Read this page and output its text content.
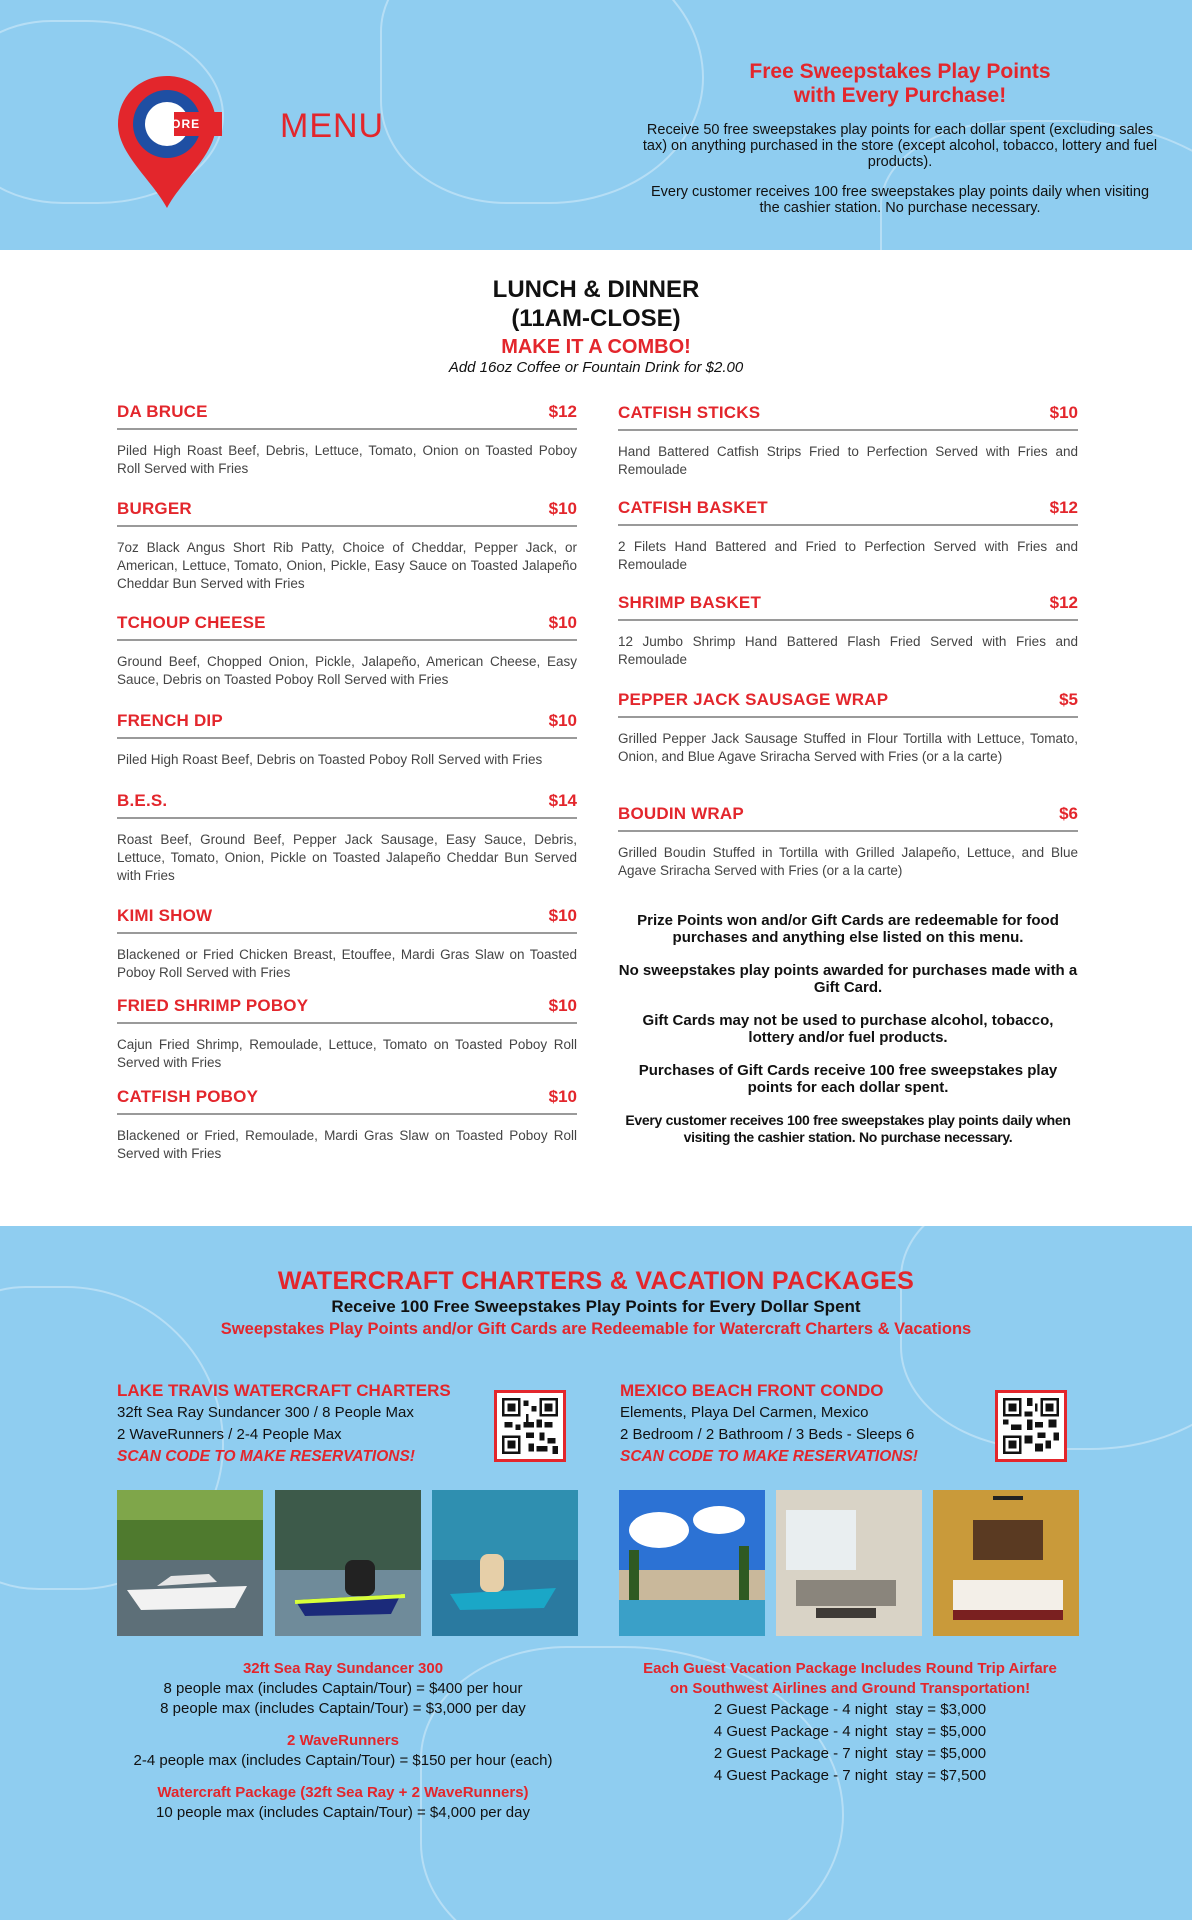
STORE MENU
Free Sweepstakes Play Points
with Every Purchase!
Receive 50 free sweepstakes play points for each dollar spent (excluding sales tax) on anything purchased in the store (except alcohol, tobacco, lottery and fuel products).
Every customer receives 100 free sweepstakes play points daily when visiting the cashier station. No purchase necessary.
LUNCH & DINNER
(11AM-CLOSE)
MAKE IT A COMBO!
Add 16oz Coffee or Fountain Drink for $2.00
DA BRUCE	$12
Piled High Roast Beef, Debris, Lettuce, Tomato, Onion on Toasted Poboy Roll Served with Fries
BURGER	$10
7oz Black Angus Short Rib Patty, Choice of Cheddar, Pepper Jack, or American, Lettuce, Tomato, Onion, Pickle, Easy Sauce on Toasted Jalapeño Cheddar Bun Served with Fries
TCHOUP CHEESE	$10
Ground Beef, Chopped Onion, Pickle, Jalapeño, American Cheese, Easy Sauce, Debris on Toasted Poboy Roll Served with Fries
FRENCH DIP	$10
Piled High Roast Beef, Debris on Toasted Poboy Roll Served with Fries
B.E.S.	$14
Roast Beef, Ground Beef, Pepper Jack Sausage, Easy Sauce, Debris, Lettuce, Tomato, Onion, Pickle on Toasted Jalapeño Cheddar Bun Served with Fries
KIMI SHOW	$10
Blackened or Fried Chicken Breast, Etouffee, Mardi Gras Slaw on Toasted Poboy Roll Served with Fries
FRIED SHRIMP POBOY	$10
Cajun Fried Shrimp, Remoulade, Lettuce, Tomato on Toasted Poboy Roll Served with Fries
CATFISH POBOY	$10
Blackened or Fried, Remoulade, Mardi Gras Slaw on Toasted Poboy Roll Served with Fries
CATFISH STICKS	$10
Hand Battered Catfish Strips Fried to Perfection Served with Fries and Remoulade
CATFISH BASKET	$12
2 Filets Hand Battered and Fried to Perfection Served with Fries and Remoulade
SHRIMP BASKET	$12
12 Jumbo Shrimp Hand Battered Flash Fried Served with Fries and Remoulade
PEPPER JACK SAUSAGE WRAP	$5
Grilled Pepper Jack Sausage Stuffed in Flour Tortilla with Lettuce, Tomato, Onion, and Blue Agave Sriracha Served with Fries (or a la carte)
BOUDIN WRAP	$6
Grilled Boudin Stuffed in Tortilla with Grilled Jalapeño, Lettuce, and Blue Agave Sriracha Served with Fries (or a la carte)

Prize Points won and/or Gift Cards are redeemable for food purchases and anything else listed on this menu.

No sweepstakes play points awarded for purchases made with a Gift Card.

Gift Cards may not be used to purchase alcohol, tobacco, lottery and/or fuel products.

Purchases of Gift Cards receive 100 free sweepstakes play points for each dollar spent.

Every customer receives 100 free sweepstakes play points daily when visiting the cashier station. No purchase necessary.

WATERCRAFT CHARTERS & VACATION PACKAGES
Receive 100 Free Sweepstakes Play Points for Every Dollar Spent
Sweepstakes Play Points and/or Gift Cards are Redeemable for Watercraft Charters & Vacations
LAKE TRAVIS WATERCRAFT CHARTERS
32ft Sea Ray Sundancer 300 / 8 People Max
2 WaveRunners / 2-4 People Max
SCAN CODE TO MAKE RESERVATIONS!
MEXICO BEACH FRONT CONDO
Elements, Playa Del Carmen, Mexico
2 Bedroom / 2 Bathroom / 3 Beds - Sleeps 6
SCAN CODE TO MAKE RESERVATIONS!
32ft Sea Ray Sundancer 300
8 people max (includes Captain/Tour) = $400 per hour
8 people max (includes Captain/Tour) = $3,000 per day
2 WaveRunners
2-4 people max (includes Captain/Tour) = $150 per hour (each)
Watercraft Package (32ft Sea Ray + 2 WaveRunners)
10 people max (includes Captain/Tour) = $4,000 per day
Each Guest Vacation Package Includes Round Trip Airfare
on Southwest Airlines and Ground Transportation!
2 Guest Package - 4 night  stay = $3,000
4 Guest Package - 4 night  stay = $5,000
2 Guest Package - 7 night  stay = $5,000
4 Guest Package - 7 night  stay = $7,500
